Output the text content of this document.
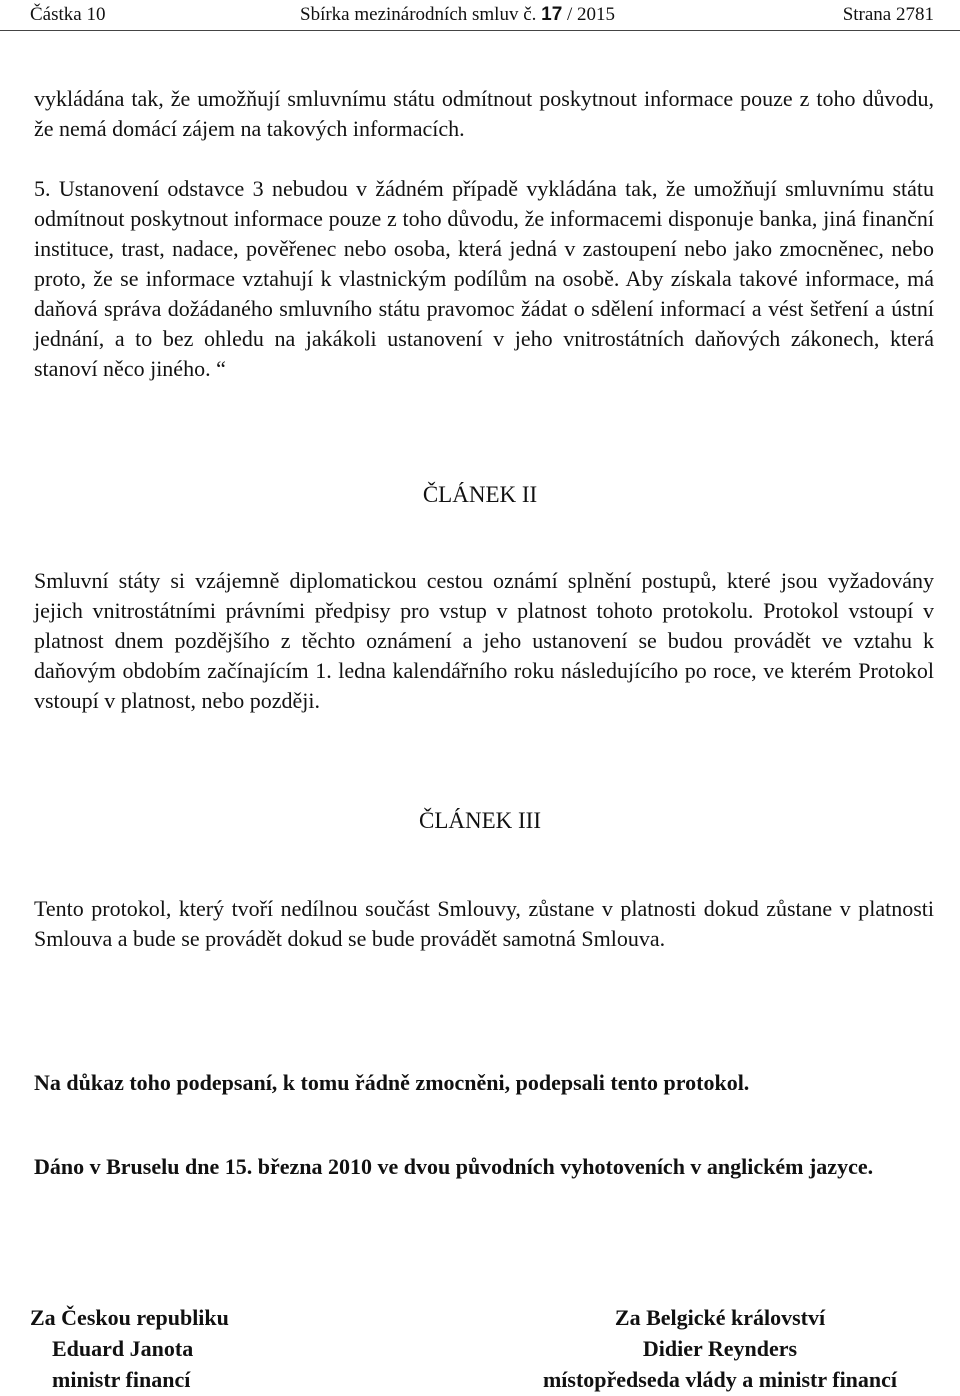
Částka 10	Sbírka mezinárodních smluv č. 17 / 2015	Strana 2781

vykládána tak, že umožňují smluvnímu státu odmítnout poskytnout informace pouze z toho důvodu, že nemá domácí zájem na takových informacích.

5. Ustanovení odstavce 3 nebudou v žádném případě vykládána tak, že umožňují smluvnímu státu odmítnout poskytnout informace pouze z toho důvodu, že informacemi disponuje banka, jiná finanční instituce, trast, nadace, pověřenec nebo osoba, která jedná v zastoupení nebo jako zmocněnec, nebo proto, že se informace vztahují k vlastnickým podílům na osobě. Aby získala takové informace, má daňová správa dožádaného smluvního státu pravomoc žádat o sdělení informací a vést šetření a ústní jednání, a to bez ohledu na jakákoli ustanovení v jeho vnitrostátních daňových zákonech, která stanoví něco jiného. “

ČLÁNEK II

Smluvní státy si vzájemně diplomatickou cestou oznámí splnění postupů, které jsou vyžadovány jejich vnitrostátními právními předpisy pro vstup v platnost tohoto protokolu. Protokol vstoupí v platnost dnem pozdějšího z těchto oznámení a jeho ustanovení se budou provádět ve vztahu k daňovým obdobím začínajícím 1. ledna kalendářního roku následujícího po roce, ve kterém Protokol vstoupí v platnost, nebo později.

ČLÁNEK III

Tento protokol, který tvoří nedílnou součást Smlouvy, zůstane v platnosti dokud zůstane v platnosti Smlouva a bude se provádět dokud se bude provádět samotná Smlouva.

Na důkaz toho podepsaní, k tomu řádně zmocněni, podepsali tento protokol.

Dáno v Bruselu dne 15. března 2010 ve dvou původních vyhotoveních v anglickém jazyce.

Za Českou republiku
Eduard Janota
ministr financí
Za Belgické království
Didier Reynders
místopředseda vlády a ministr financí
